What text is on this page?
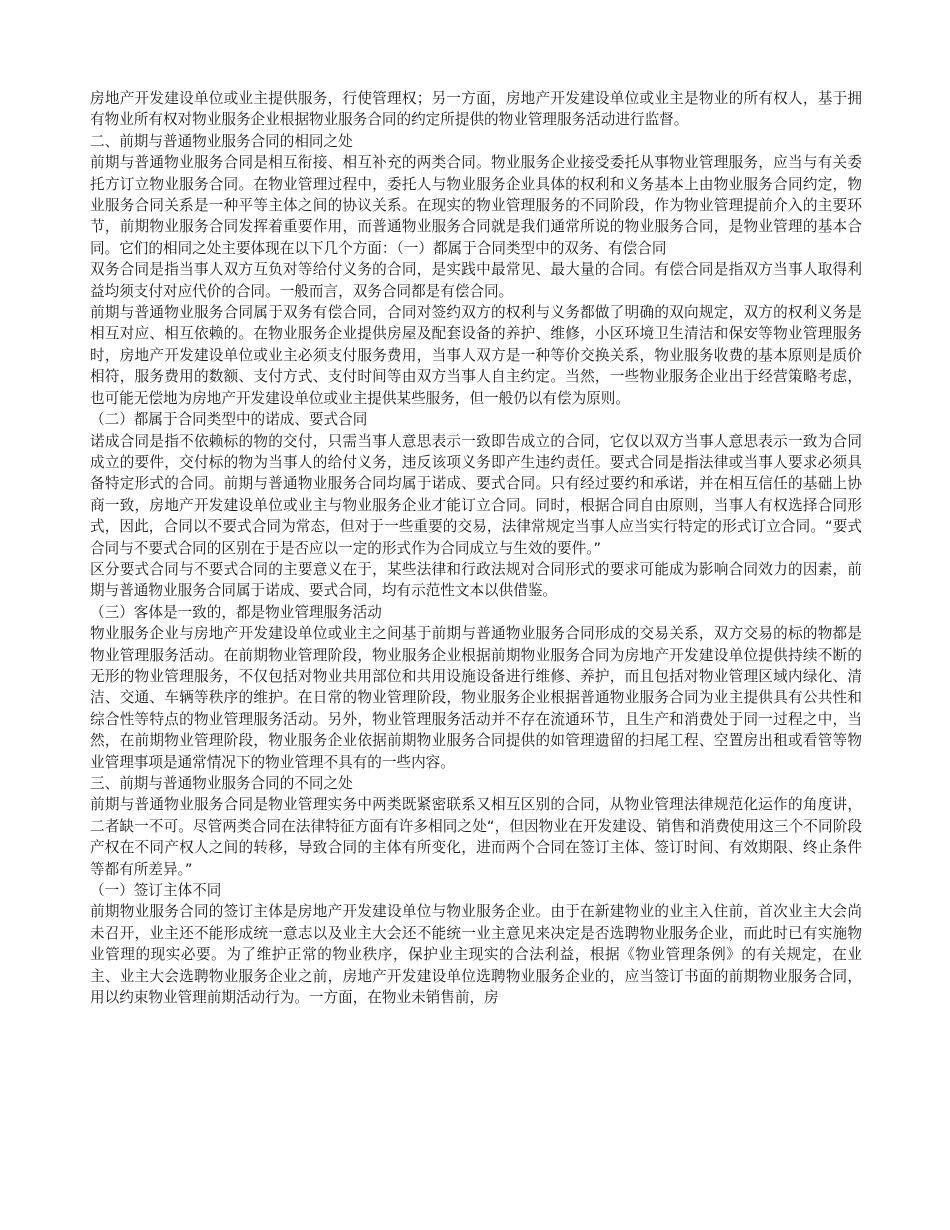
房地产开发建设单位或业主提供服务，行使管理权；另一方面，房地产开发建设单位或业主是物业的所有权人，基于拥有物业所有权对物业服务企业根据物业服务合同的约定所提供的物业管理服务活动进行监督。

二、前期与普通物业服务合同的相同之处

前期与普通物业服务合同是相互衔接、相互补充的两类合同。物业服务企业接受委托从事物业管理服务，应当与有关委托方订立物业服务合同。在物业管理过程中，委托人与物业服务企业具体的权利和义务基本上由物业服务合同约定，物业服务合同关系是一种平等主体之间的协议关系。在现实的物业管理服务的不同阶段，作为物业管理提前介入的主要环节，前期物业服务合同发挥着重要作用，而普通物业服务合同就是我们通常所说的物业服务合同，是物业管理的基本合同。它们的相同之处主要体现在以下几个方面：（一）都属于合同类型中的双务、有偿合同

双务合同是指当事人双方互负对等给付义务的合同，是实践中最常见、最大量的合同。有偿合同是指双方当事人取得利益均须支付对应代价的合同。一般而言，双务合同都是有偿合同。

前期与普通物业服务合同属于双务有偿合同，合同对签约双方的权利与义务都做了明确的双向规定，双方的权利义务是相互对应、相互依赖的。在物业服务企业提供房屋及配套设备的养护、维修，小区环境卫生清洁和保安等物业管理服务时，房地产开发建设单位或业主必须支付服务费用，当事人双方是一种等价交换关系，物业服务收费的基本原则是质价相符，服务费用的数额、支付方式、支付时间等由双方当事人自主约定。当然，一些物业服务企业出于经营策略考虑，也可能无偿地为房地产开发建设单位或业主提供某些服务，但一般仍以有偿为原则。

（二）都属于合同类型中的诺成、要式合同

诺成合同是指不依赖标的物的交付，只需当事人意思表示一致即告成立的合同，它仅以双方当事人意思表示一致为合同成立的要件，交付标的物为当事人的给付义务，违反该项义务即产生违约责任。要式合同是指法律或当事人要求必须具备特定形式的合同。前期与普通物业服务合同均属于诺成、要式合同。只有经过要约和承诺，并在相互信任的基础上协商一致，房地产开发建设单位或业主与物业服务企业才能订立合同。同时，根据合同自由原则，当事人有权选择合同形式，因此，合同以不要式合同为常态，但对于一些重要的交易，法律常规定当事人应当实行特定的形式订立合同。“要式合同与不要式合同的区别在于是否应以一定的形式作为合同成立与生效的要件。”

区分要式合同与不要式合同的主要意义在于，某些法律和行政法规对合同形式的要求可能成为影响合同效力的因素，前期与普通物业服务合同属于诺成、要式合同，均有示范性文本以供借鉴。

（三）客体是一致的，都是物业管理服务活动

物业服务企业与房地产开发建设单位或业主之间基于前期与普通物业服务合同形成的交易关系，双方交易的标的物都是物业管理服务活动。在前期物业管理阶段，物业服务企业根据前期物业服务合同为房地产开发建设单位提供持续不断的无形的物业管理服务，不仅包括对物业共用部位和共用设施设备进行维修、养护，而且包括对物业管理区域内绿化、清洁、交通、车辆等秩序的维护。在日常的物业管理阶段，物业服务企业根据普通物业服务合同为业主提供具有公共性和综合性等特点的物业管理服务活动。另外，物业管理服务活动并不存在流通环节，且生产和消费处于同一过程之中，当然，在前期物业管理阶段，物业服务企业依据前期物业服务合同提供的如管理遗留的扫尾工程、空置房出租或看管等物业管理事项是通常情况下的物业管理不具有的一些内容。

三、前期与普通物业服务合同的不同之处

前期与普通物业服务合同是物业管理实务中两类既紧密联系又相互区别的合同，从物业管理法律规范化运作的角度讲，二者缺一不可。尽管两类合同在法律特征方面有许多相同之处“，但因物业在开发建设、销售和消费使用这三个不同阶段产权在不同产权人之间的转移，导致合同的主体有所变化，进而两个合同在签订主体、签订时间、有效期限、终止条件等都有所差异。”

（一）签订主体不同

前期物业服务合同的签订主体是房地产开发建设单位与物业服务企业。由于在新建物业的业主入住前，首次业主大会尚未召开，业主还不能形成统一意志以及业主大会还不能统一业主意见来决定是否选聘物业服务企业，而此时已有实施物业管理的现实必要。为了维护正常的物业秩序，保护业主现实的合法利益，根据《物业管理条例》的有关规定，在业主、业主大会选聘物业服务企业之前，房地产开发建设单位选聘物业服务企业的，应当签订书面的前期物业服务合同，用以约束物业管理前期活动行为。一方面，在物业未销售前，房
